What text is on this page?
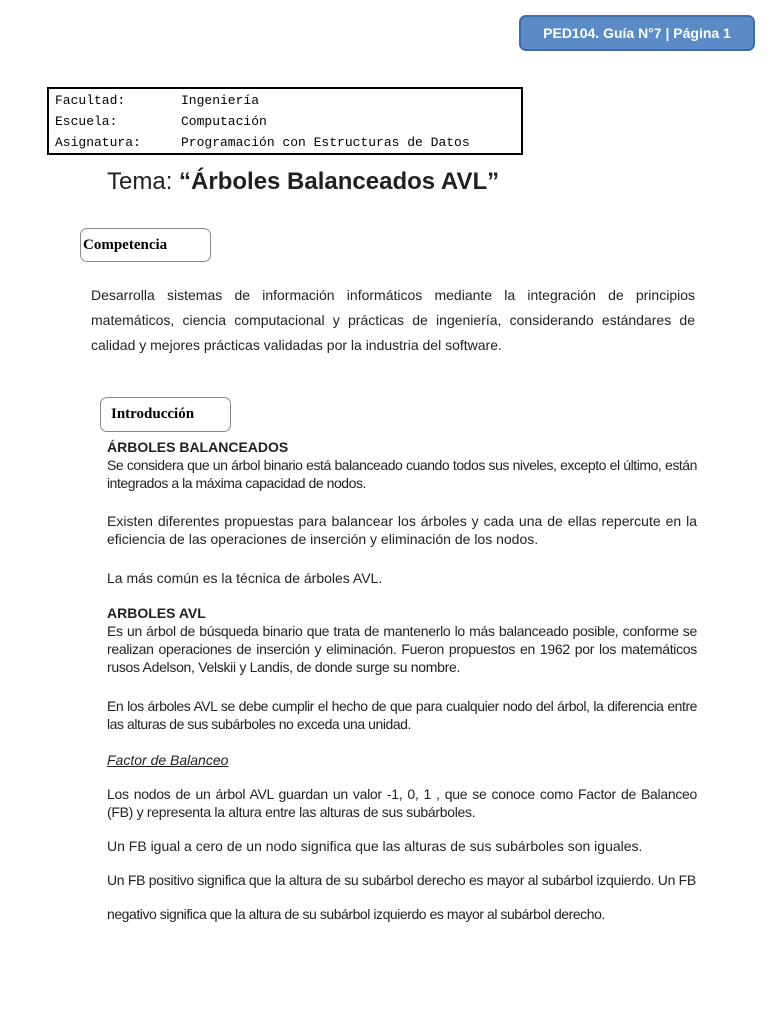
PED104. Guía N°7 | Página 1
Facultad:	Ingeniería
Escuela:	Computación
Asignatura:	Programación con Estructuras de Datos
Tema: “Árboles Balanceados AVL”
Competencia
Desarrolla sistemas de información informáticos mediante la integración de principios matemáticos, ciencia computacional y prácticas de ingeniería, considerando estándares de calidad y mejores prácticas validadas por la industria del software.
Introducción
ÁRBOLES BALANCEADOS
Se considera que un árbol binario está balanceado cuando todos sus niveles, excepto el último, están integrados a la máxima capacidad de nodos.
Existen diferentes propuestas para balancear los árboles y cada una de ellas repercute en la eficiencia de las operaciones de inserción y eliminación de los nodos.
La más común es la técnica de árboles AVL.
ARBOLES AVL
Es un árbol de búsqueda binario que trata de mantenerlo lo más balanceado posible, conforme se realizan operaciones de inserción y eliminación. Fueron propuestos en 1962 por los matemáticos rusos Adelson, Velskii y Landis, de donde surge su nombre.
En los árboles AVL se debe cumplir el hecho de que para cualquier nodo del árbol, la diferencia entre las alturas de sus subárboles no exceda una unidad.
Factor de Balanceo
Los nodos de un árbol AVL guardan un valor -1, 0, 1 , que se conoce como Factor de Balanceo (FB) y representa la altura entre las alturas de sus subárboles.
Un FB igual a cero de un nodo significa que las alturas de sus subárboles son iguales.
Un FB positivo significa que la altura de su subárbol derecho es mayor al subárbol izquierdo. Un FB
negativo significa que la altura de su subárbol izquierdo es mayor al subárbol derecho.
